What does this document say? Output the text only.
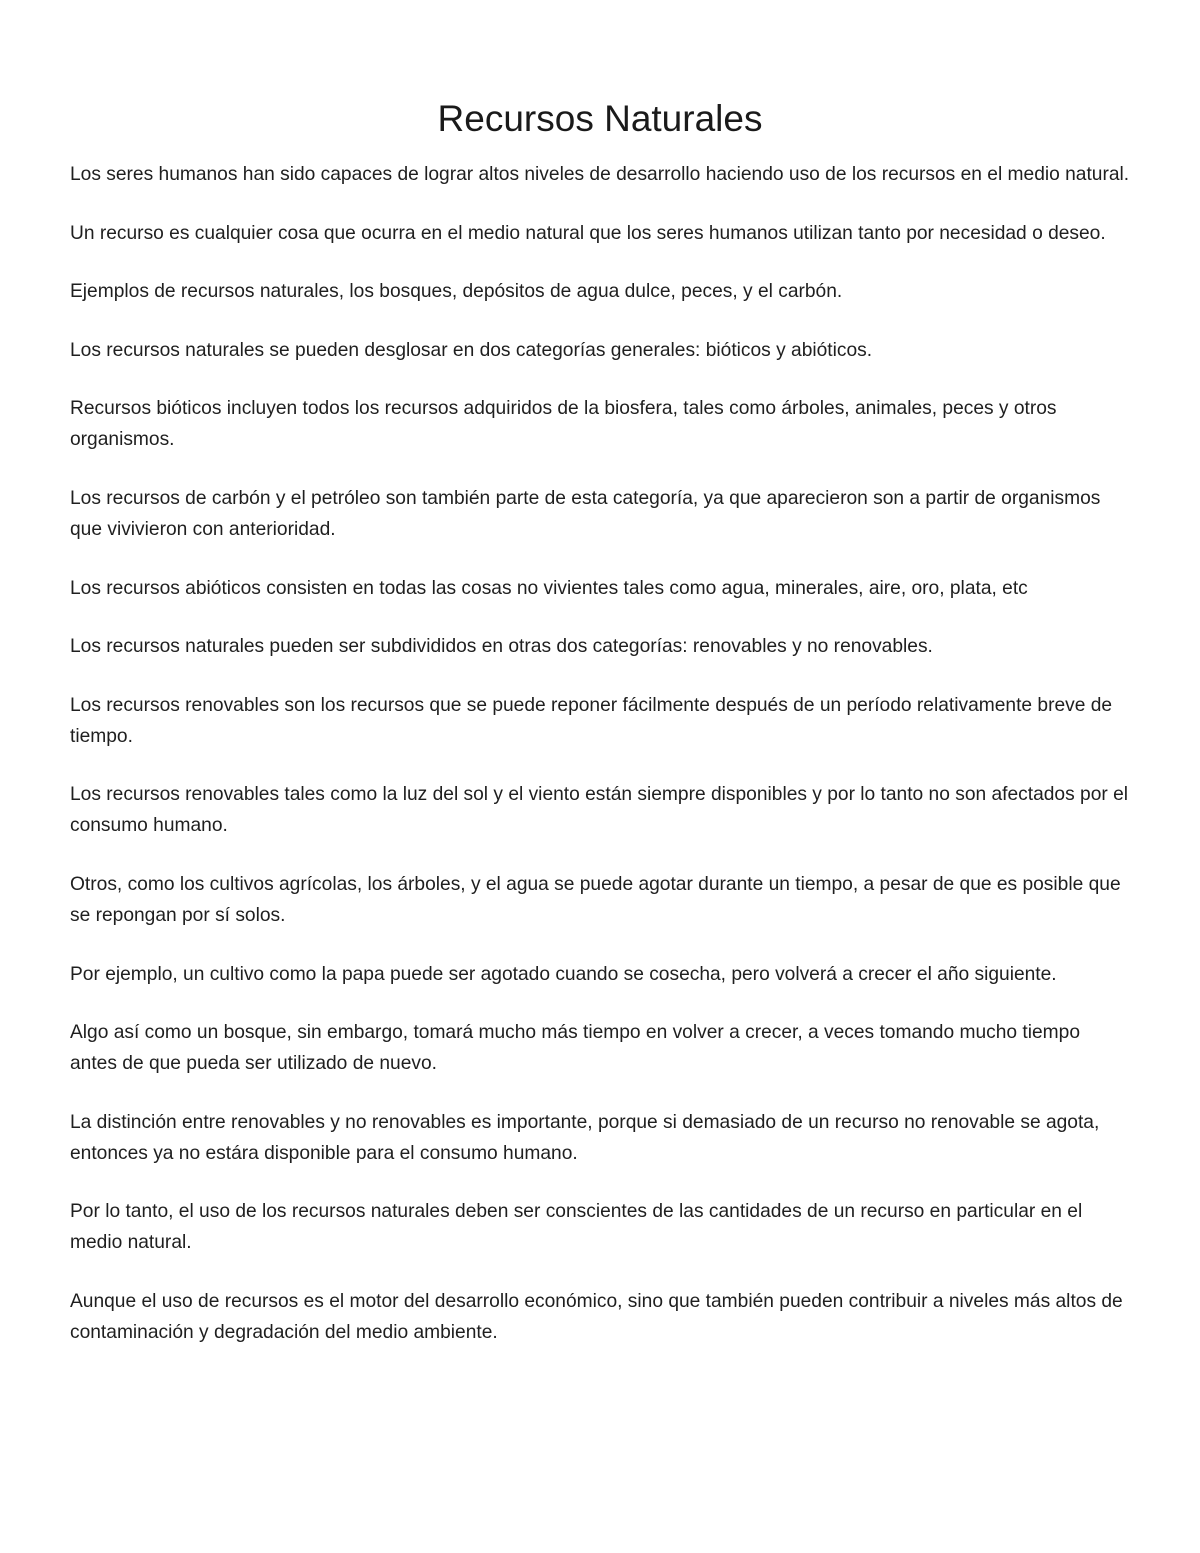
Recursos Naturales

Los seres humanos han sido capaces de lograr altos niveles de desarrollo haciendo uso de los recursos en el medio natural.

Un recurso es cualquier cosa que ocurra en el medio natural que los seres humanos utilizan tanto por necesidad o deseo.

Ejemplos de recursos naturales, los bosques, depósitos de agua dulce, peces, y el carbón.

Los recursos naturales se pueden desglosar en dos categorías generales: bióticos y abióticos.

Recursos bióticos incluyen todos los recursos adquiridos de la biosfera, tales como árboles, animales, peces y otros organismos.

Los recursos de carbón y el petróleo son también parte de esta categoría, ya que aparecieron son a partir de organismos que vivivieron con anterioridad.

Los recursos abióticos consisten en todas las cosas no vivientes tales como agua, minerales, aire, oro, plata, etc

Los recursos naturales pueden ser subdivididos en otras dos categorías: renovables y no renovables.

Los recursos renovables son los recursos que se puede reponer fácilmente después de un período relativamente breve de tiempo.

Los recursos renovables tales como la luz del sol y el viento están siempre disponibles y por lo tanto no son afectados por el consumo humano.

Otros, como los cultivos agrícolas, los árboles, y el agua se puede agotar durante un tiempo, a pesar de que es posible que se repongan por sí solos.

Por ejemplo, un cultivo como la papa puede ser agotado cuando se cosecha, pero volverá a crecer el año siguiente.

Algo así como un bosque, sin embargo, tomará mucho más tiempo en volver a crecer, a veces tomando mucho tiempo antes de que pueda ser utilizado de nuevo.

La distinción entre renovables y no renovables es importante, porque si demasiado de un recurso no renovable se agota, entonces ya no estára disponible para el consumo humano.

Por lo tanto, el uso de los recursos naturales deben ser conscientes de las cantidades de un recurso en particular en el medio natural.

Aunque el uso de recursos es el motor del desarrollo económico, sino que también pueden contribuir a niveles más altos de contaminación y degradación del medio ambiente.
